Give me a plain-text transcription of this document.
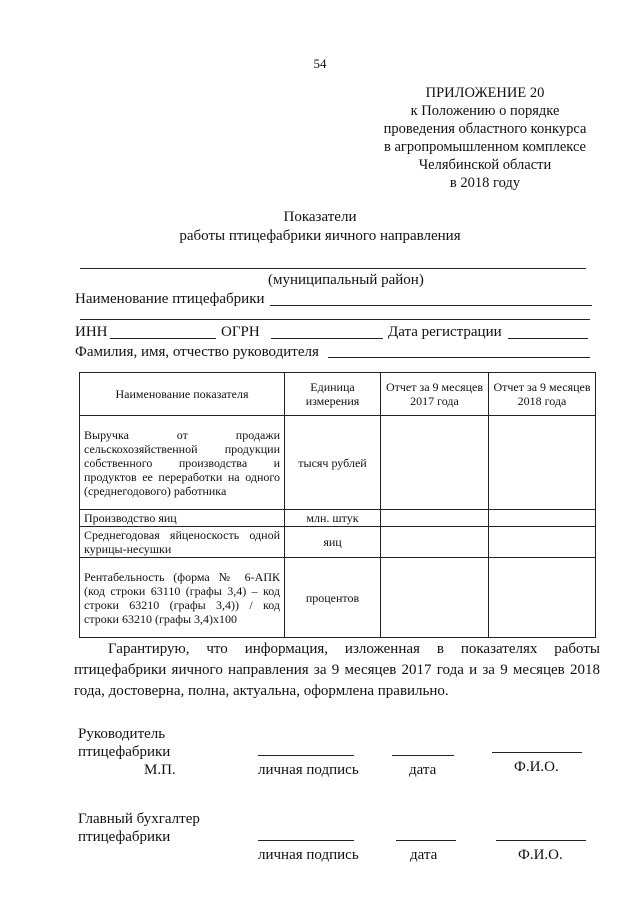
54
ПРИЛОЖЕНИЕ 20
к Положению о порядке
проведения областного конкурса
в агропромышленном комплексе
Челябинской области
в 2018 году
Показатели
работы птицефабрики яичного направления
(муниципальный район)
Наименование птицефабрики
ИНН	ОГРН	Дата регистрации
Фамилия, имя, отчество руководителя
Наименование показателя	Единица измерения	Отчет за 9 месяцев 2017 года	Отчет за 9 месяцев 2018 года
Выручка от продажи сельскохозяйственной продукции собственного производства и продуктов ее переработки на одного (среднегодового) работника	тысяч рублей		
Производство яиц	млн. штук		
Среднегодовая яйценоскость одной курицы-несушки	яиц		
Рентабельность (форма № 6-АПК (код строки 63110 (графы 3,4) – код строки 63210 (графы 3,4)) / код строки 63210 (графы 3,4)х100	процентов		
Гарантирую, что информация, изложенная в показателях работы птицефабрики яичного направления за 9 месяцев 2017 года и за 9 месяцев 2018 года, достоверна, полна, актуальна, оформлена правильно.
Руководитель
птицефабрики
М.П.	личная подпись	дата	Ф.И.О.
Главный бухгалтер
птицефабрики
личная подпись	дата	Ф.И.О.
